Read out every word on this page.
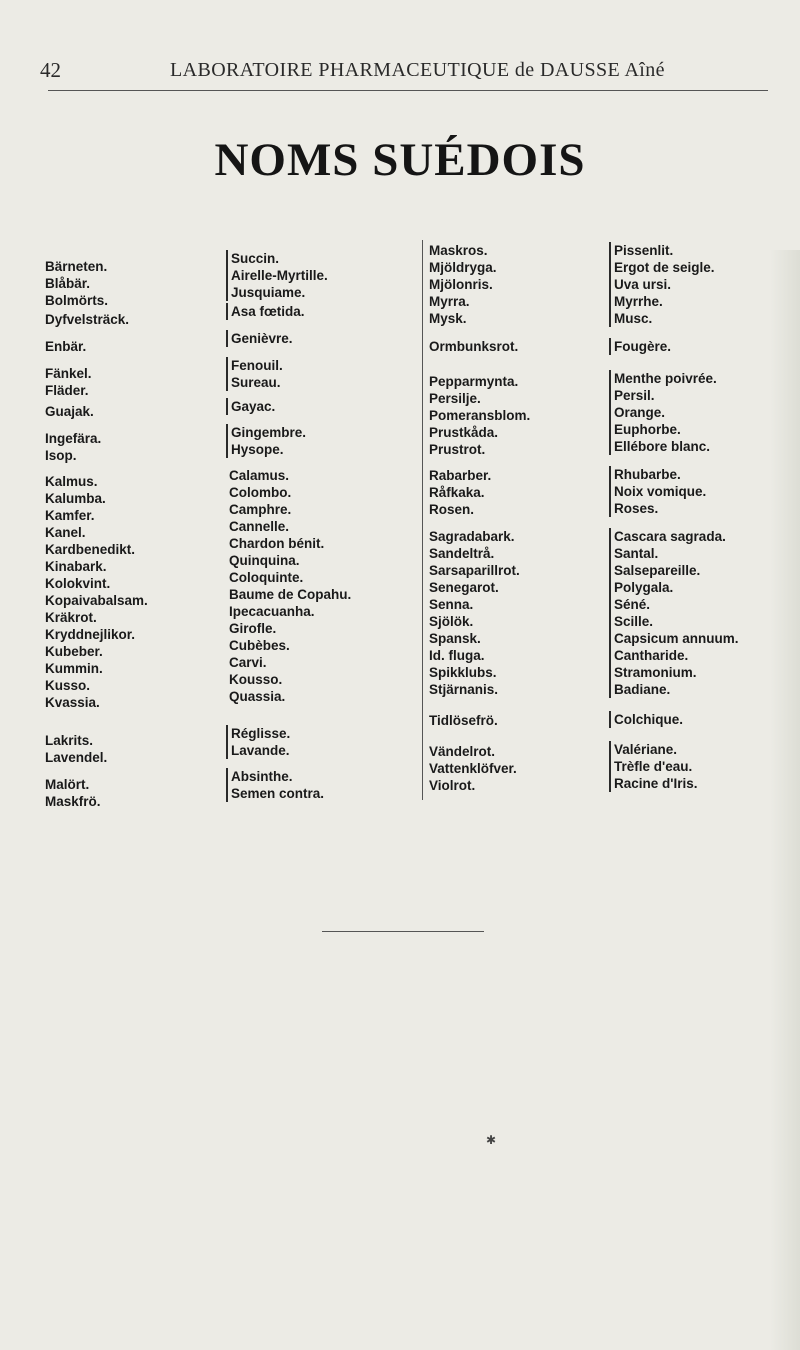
42	LABORATOIRE PHARMACEUTIQUE de DAUSSE Aîné
NOMS SUÉDOIS
Bärneten.
Blåbär.
Bolmörts.
Dyfvelsträck.
Enbär.
Fänkel.
Fläder.
Guajak.
Ingefära.
Isop.
Kalmus.
Kalumba.
Kamfer.
Kanel.
Kardbenedikt.
Kinabark.
Kolokvint.
Kopaivabalsam.
Kräkrot.
Kryddnejlikor.
Kubeber.
Kummin.
Kusso.
Kvassia.
Lakrits.
Lavendel.
Malört.
Maskfrö.
Succin.
Airelle-Myrtille.
Jusquiame.
Asa fœtida.
Genièvre.
Fenouil.
Sureau.
Gayac.
Gingembre.
Hysope.
Calamus.
Colombo.
Camphre.
Cannelle.
Chardon bénit.
Quinquina.
Coloquinte.
Baume de Copahu.
Ipecacuanha.
Girofle.
Cubèbes.
Carvi.
Kousso.
Quassia.
Réglisse.
Lavande.
Absinthe.
Semen contra.
Maskros.
Mjöldryga.
Mjölonris.
Myrra.
Mysk.
Ormbunksrot.
Pepparmynta.
Persilje.
Pomeransblom.
Prustkåda.
Prustrot.
Rabarber.
Råfkaka.
Rosen.
Sagradabark.
Sandeltrå.
Sarsaparillrot.
Senegarot.
Senna.
Sjölök.
Spansk.
Id. fluga.
Spikklubs.
Stjärnanis.
Tidlösefrö.
Vändelrot.
Vattenklöfver.
Violrot.
Pissenlit.
Ergot de seigle.
Uva ursi.
Myrrhe.
Musc.
Fougère.
Menthe poivrée.
Persil.
Orange.
Euphorbe.
Ellébore blanc.
Rhubarbe.
Noix vomique.
Roses.
Cascara sagrada.
Santal.
Salsepareille.
Polygala.
Séné.
Scille.
Capsicum annuum.
Cantharide.
Stramonium.
Badiane.
Colchique.
Valériane.
Trèfle d'eau.
Racine d'Iris.
✱
